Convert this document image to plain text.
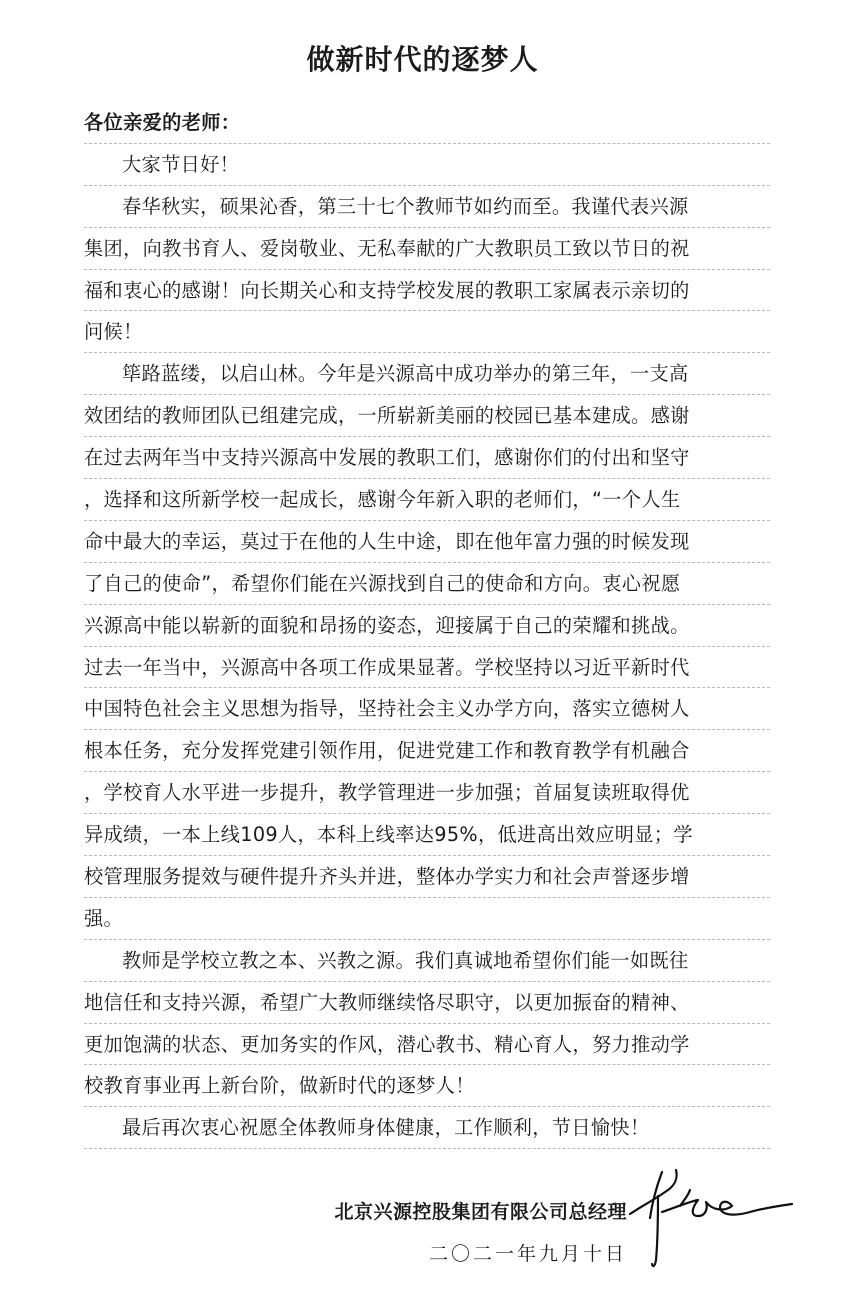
做新时代的逐梦人
各位亲爱的老师：
大家节日好！
春华秋实，硕果沁香，第三十七个教师节如约而至。我谨代表兴源
集团，向教书育人、爱岗敬业、无私奉献的广大教职员工致以节日的祝
福和衷心的感谢！向长期关心和支持学校发展的教职工家属表示亲切的
问候！
筚路蓝缕，以启山林。今年是兴源高中成功举办的第三年，一支高
效团结的教师团队已组建完成，一所崭新美丽的校园已基本建成。感谢
在过去两年当中支持兴源高中发展的教职工们，感谢你们的付出和坚守
，选择和这所新学校一起成长，感谢今年新入职的老师们，“一个人生
命中最大的幸运，莫过于在他的人生中途，即在他年富力强的时候发现
了自己的使命”，希望你们能在兴源找到自己的使命和方向。衷心祝愿
兴源高中能以崭新的面貌和昂扬的姿态，迎接属于自己的荣耀和挑战。
过去一年当中，兴源高中各项工作成果显著。学校坚持以习近平新时代
中国特色社会主义思想为指导，坚持社会主义办学方向，落实立德树人
根本任务，充分发挥党建引领作用，促进党建工作和教育教学有机融合
，学校育人水平进一步提升，教学管理进一步加强；首届复读班取得优
异成绩，一本上线109人，本科上线率达95%，低进高出效应明显；学
校管理服务提效与硬件提升齐头并进，整体办学实力和社会声誉逐步增
强。
教师是学校立教之本、兴教之源。我们真诚地希望你们能一如既往
地信任和支持兴源，希望广大教师继续恪尽职守，以更加振奋的精神、
更加饱满的状态、更加务实的作风，潜心教书、精心育人，努力推动学
校教育事业再上新台阶，做新时代的逐梦人！
最后再次衷心祝愿全体教师身体健康，工作顺利，节日愉快！
北京兴源控股集团有限公司总经理
二〇二一年九月十日
